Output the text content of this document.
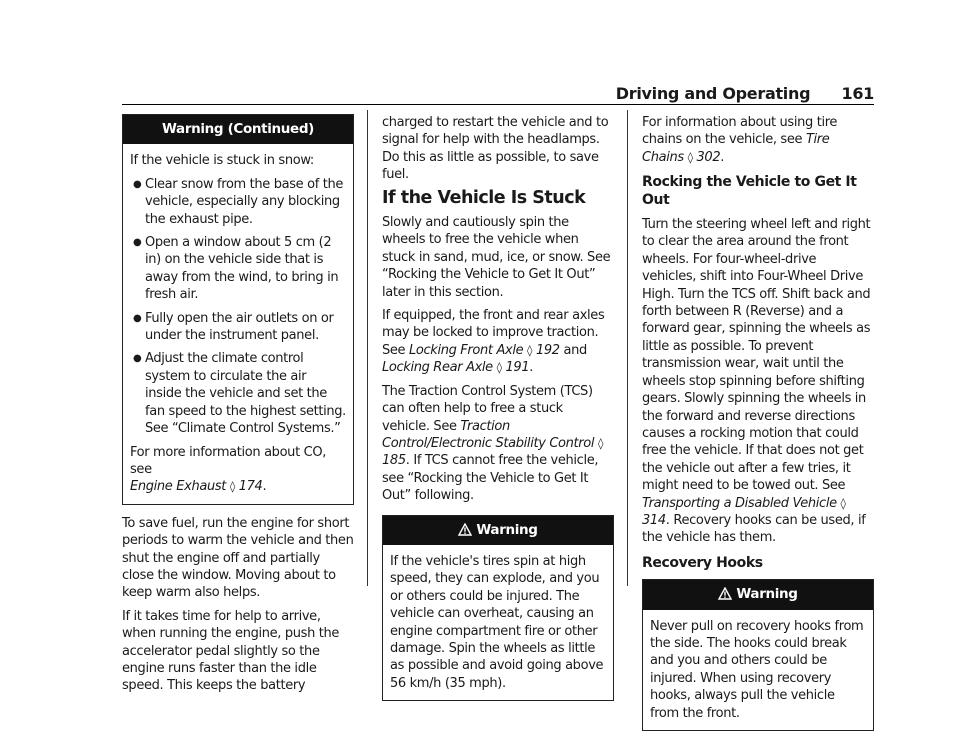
Driving and Operating 161
Warning (Continued)

If the vehicle is stuck in snow:

● Clear snow from the base of the vehicle, especially any blocking the exhaust pipe.
● Open a window about 5 cm (2 in) on the vehicle side that is away from the wind, to bring in fresh air.
● Fully open the air outlets on or under the instrument panel.
● Adjust the climate control system to circulate the air inside the vehicle and set the fan speed to the highest setting. See “Climate Control Systems.”

For more information about CO, see
Engine Exhaust ◊ 174.

To save fuel, run the engine for short periods to warm the vehicle and then shut the engine off and partially close the window. Moving about to keep warm also helps.

If it takes time for help to arrive, when running the engine, push the accelerator pedal slightly so the engine runs faster than the idle speed. This keeps the battery

charged to restart the vehicle and to signal for help with the headlamps. Do this as little as possible, to save fuel.

If the Vehicle Is Stuck

Slowly and cautiously spin the wheels to free the vehicle when stuck in sand, mud, ice, or snow. See “Rocking the Vehicle to Get It Out” later in this section.

If equipped, the front and rear axles may be locked to improve traction. See Locking Front Axle ◊ 192 and
Locking Rear Axle ◊ 191.

The Traction Control System (TCS) can often help to free a stuck vehicle. See Traction Control/Electronic Stability Control ◊ 185. If TCS cannot free the vehicle, see “Rocking the Vehicle to Get It Out” following.

Warning

If the vehicle's tires spin at high speed, they can explode, and you or others could be injured. The vehicle can overheat, causing an engine compartment fire or other damage. Spin the wheels as little as possible and avoid going above 56 km/h (35 mph).

For information about using tire chains on the vehicle, see Tire Chains ◊ 302.

Rocking the Vehicle to Get It Out

Turn the steering wheel left and right to clear the area around the front wheels. For four-wheel-drive vehicles, shift into Four-Wheel Drive High. Turn the TCS off. Shift back and forth between R (Reverse) and a forward gear, spinning the wheels as little as possible. To prevent transmission wear, wait until the wheels stop spinning before shifting gears. Slowly spinning the wheels in the forward and reverse directions causes a rocking motion that could free the vehicle. If that does not get the vehicle out after a few tries, it might need to be towed out. See Transporting a Disabled Vehicle ◊ 314. Recovery hooks can be used, if the vehicle has them.

Recovery Hooks
Warning

Never pull on recovery hooks from the side. The hooks could break and you and others could be injured. When using recovery hooks, always pull the vehicle from the front.
